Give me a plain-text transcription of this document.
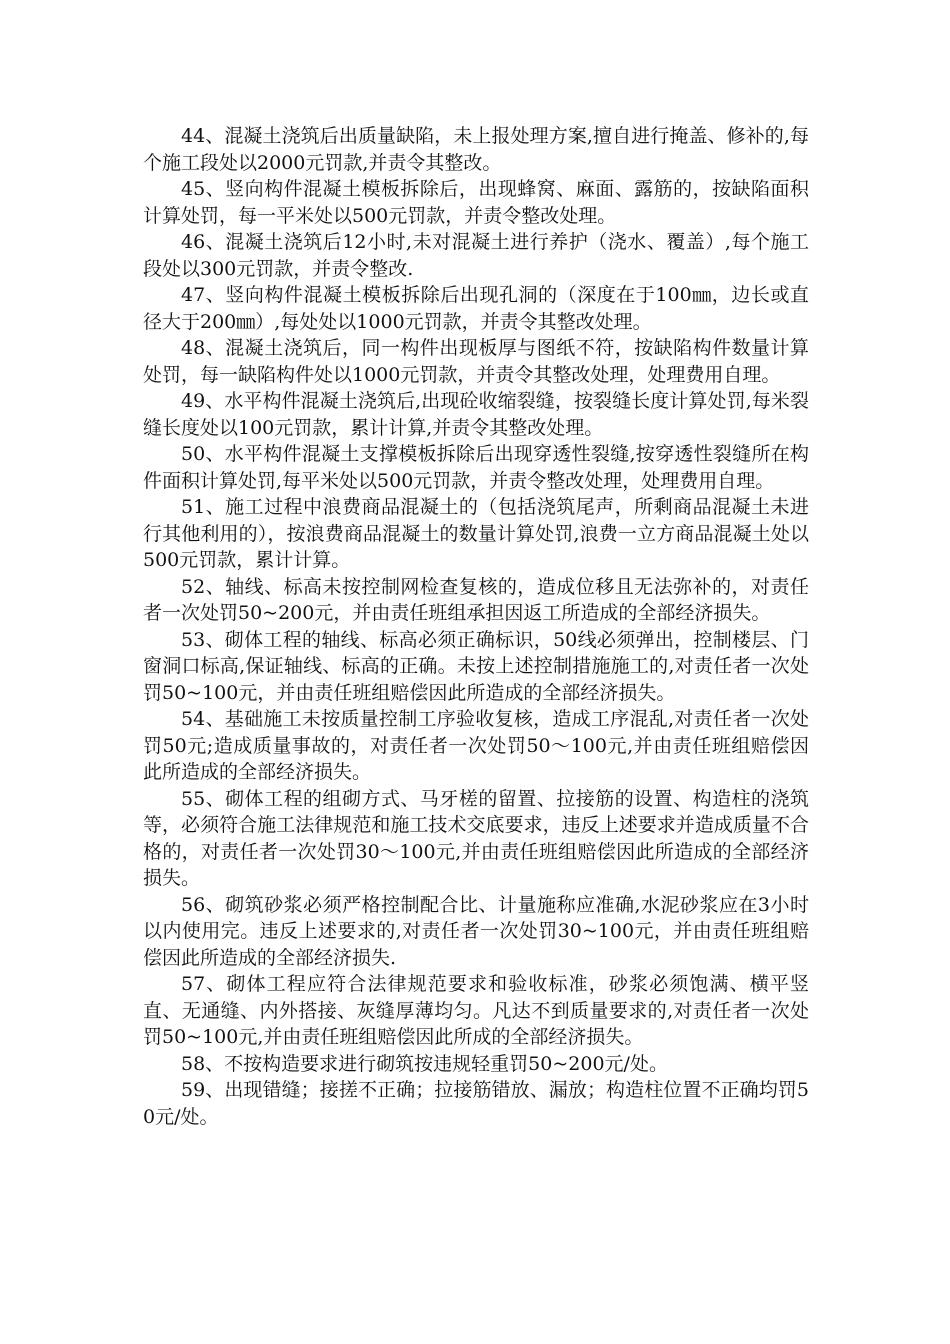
44、混凝土浇筑后出质量缺陷，未上报处理方案,擅自进行掩盖、修补的,每个施工段处以2000元罚款,并责令其整改。

45、竖向构件混凝土模板拆除后，出现蜂窝、麻面、露筋的，按缺陷面积计算处罚，每一平米处以500元罚款，并责令整改处理。

46、混凝土浇筑后12小时,未对混凝土进行养护（浇水、覆盖）,每个施工段处以300元罚款，并责令整改.

47、竖向构件混凝土模板拆除后出现孔洞的（深度在于100㎜，边长或直径大于200㎜）,每处处以1000元罚款，并责令其整改处理。

48、混凝土浇筑后，同一构件出现板厚与图纸不符，按缺陷构件数量计算处罚，每一缺陷构件处以1000元罚款，并责令其整改处理，处理费用自理。

49、水平构件混凝土浇筑后,出现砼收缩裂缝，按裂缝长度计算处罚,每米裂缝长度处以100元罚款，累计计算,并责令其整改处理。

50、水平构件混凝土支撑模板拆除后出现穿透性裂缝,按穿透性裂缝所在构件面积计算处罚,每平米处以500元罚款，并责令整改处理，处理费用自理。

51、施工过程中浪费商品混凝土的（包括浇筑尾声，所剩商品混凝土未进行其他利用的），按浪费商品混凝土的数量计算处罚,浪费一立方商品混凝土处以500元罚款，累计计算。

52、轴线、标高未按控制网检查复核的，造成位移且无法弥补的，对责任者一次处罚50~200元，并由责任班组承担因返工所造成的全部经济损失。

53、砌体工程的轴线、标高必须正确标识，50线必须弹出，控制楼层、门窗洞口标高,保证轴线、标高的正确。未按上述控制措施施工的,对责任者一次处罚50~100元，并由责任班组赔偿因此所造成的全部经济损失。

54、基础施工未按质量控制工序验收复核，造成工序混乱,对责任者一次处罚50元;造成质量事故的，对责任者一次处罚50～100元,并由责任班组赔偿因此所造成的全部经济损失。

55、砌体工程的组砌方式、马牙槎的留置、拉接筋的设置、构造柱的浇筑等，必须符合施工法律规范和施工技术交底要求，违反上述要求并造成质量不合格的，对责任者一次处罚30～100元,并由责任班组赔偿因此所造成的全部经济损失。

56、砌筑砂浆必须严格控制配合比、计量施称应准确,水泥砂浆应在3小时以内使用完。违反上述要求的,对责任者一次处罚30~100元，并由责任班组赔偿因此所造成的全部经济损失.

57、砌体工程应符合法律规范要求和验收标准，砂浆必须饱满、横平竖直、无通缝、内外搭接、灰缝厚薄均匀。凡达不到质量要求的,对责任者一次处罚50~100元,并由责任班组赔偿因此所成的全部经济损失。

58、不按构造要求进行砌筑按违规轻重罚50~200元/处。

59、出现错缝；接搓不正确；拉接筋错放、漏放；构造柱位置不正确均罚50元/处。
